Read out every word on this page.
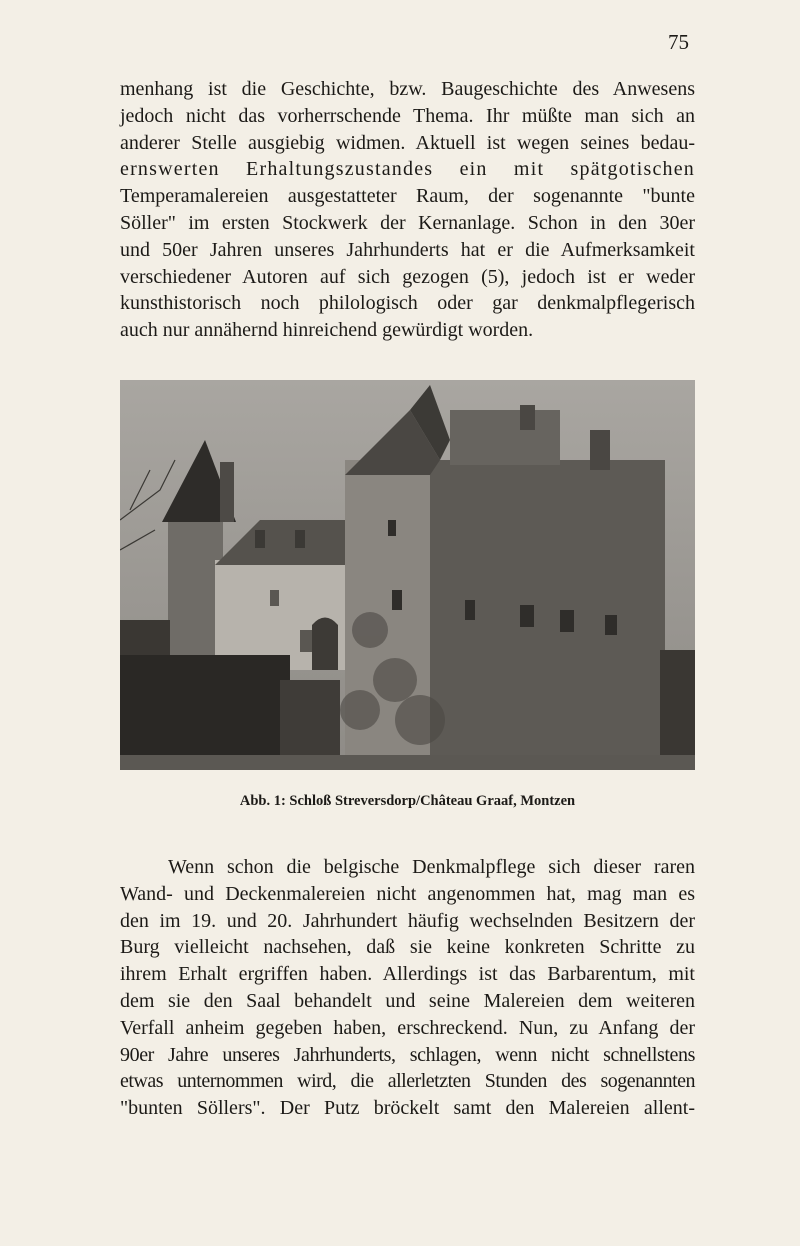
75
menhang ist die Geschichte, bzw. Baugeschichte des Anwesens
jedoch nicht das vorherrschende Thema. Ihr müßte man sich an
anderer Stelle ausgiebig widmen. Aktuell ist wegen seines bedau-
ernswerten Erhaltungszustandes ein mit spätgotischen
Temperamalereien ausgestatteter Raum, der sogenannte "bunte
Söller" im ersten Stockwerk der Kernanlage. Schon in den 30er
und 50er Jahren unseres Jahrhunderts hat er die Aufmerksamkeit
verschiedener Autoren auf sich gezogen (5), jedoch ist er weder
kunsthistorisch noch philologisch oder gar denkmalpflegerisch
auch nur annähernd hinreichend gewürdigt worden.
Abb. 1: Schloß Streversdorp/Château Graaf, Montzen
Wenn schon die belgische Denkmalpflege sich dieser raren
Wand- und Deckenmalereien nicht angenommen hat, mag man es
den im 19. und 20. Jahrhundert häufig wechselnden Besitzern der
Burg vielleicht nachsehen, daß sie keine konkreten Schritte zu
ihrem Erhalt ergriffen haben. Allerdings ist das Barbarentum, mit
dem sie den Saal behandelt und seine Malereien dem weiteren
Verfall anheim gegeben haben, erschreckend. Nun, zu Anfang der
90er Jahre unseres Jahrhunderts, schlagen, wenn nicht schnellstens
etwas unternommen wird, die allerletzten Stunden des sogenannten
"bunten Söllers". Der Putz bröckelt samt den Malereien allent-
